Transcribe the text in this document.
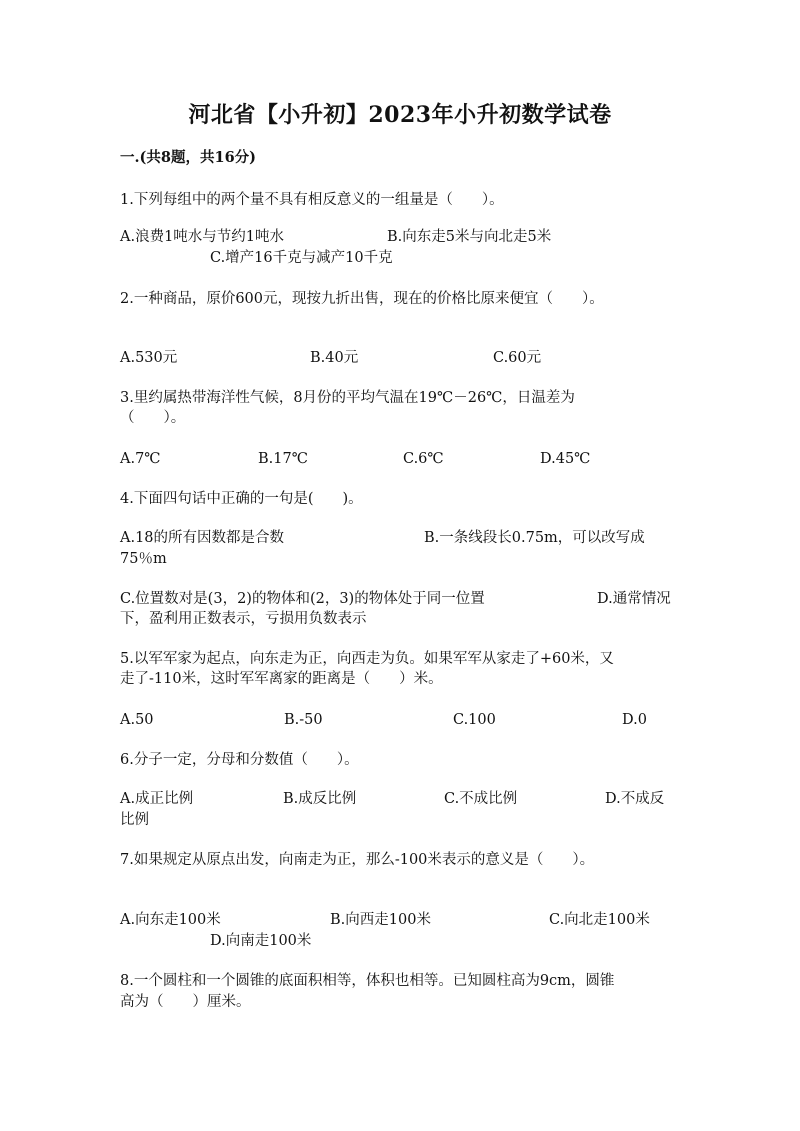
河北省【小升初】2023年小升初数学试卷
一.(共8题，共16分)
1.下列每组中的两个量不具有相反意义的一组量是（　　）。
A.浪费1吨水与节约1吨水	B.向东走5米与向北走5米
C.增产16千克与减产10千克
2.一种商品，原价600元，现按九折出售，现在的价格比原来便宜（　　）。
A.530元	B.40元	C.60元
3.里约属热带海洋性气候，8月份的平均气温在19℃－26℃，日温差为
（　　）。
A.7℃	B.17℃	C.6℃	D.45℃
4.下面四句话中正确的一句是(　　)。
A.18的所有因数都是合数	B.一条线段长0.75m，可以改写成
75％m
C.位置数对是(3，2)的物体和(2，3)的物体处于同一位置	D.通常情况
下，盈利用正数表示，亏损用负数表示
5.以军军家为起点，向东走为正，向西走为负。如果军军从家走了+60米，又
走了-110米，这时军军离家的距离是（　　）米。
A.50	B.-50	C.100	D.0
6.分子一定，分母和分数值（　　）。
A.成正比例	B.成反比例	C.不成比例	D.不成反
比例
7.如果规定从原点出发，向南走为正，那么-100米表示的意义是（　　）。
A.向东走100米	B.向西走100米	C.向北走100米
D.向南走100米
8.一个圆柱和一个圆锥的底面积相等，体积也相等。已知圆柱高为9cm，圆锥
高为（　　）厘米。
